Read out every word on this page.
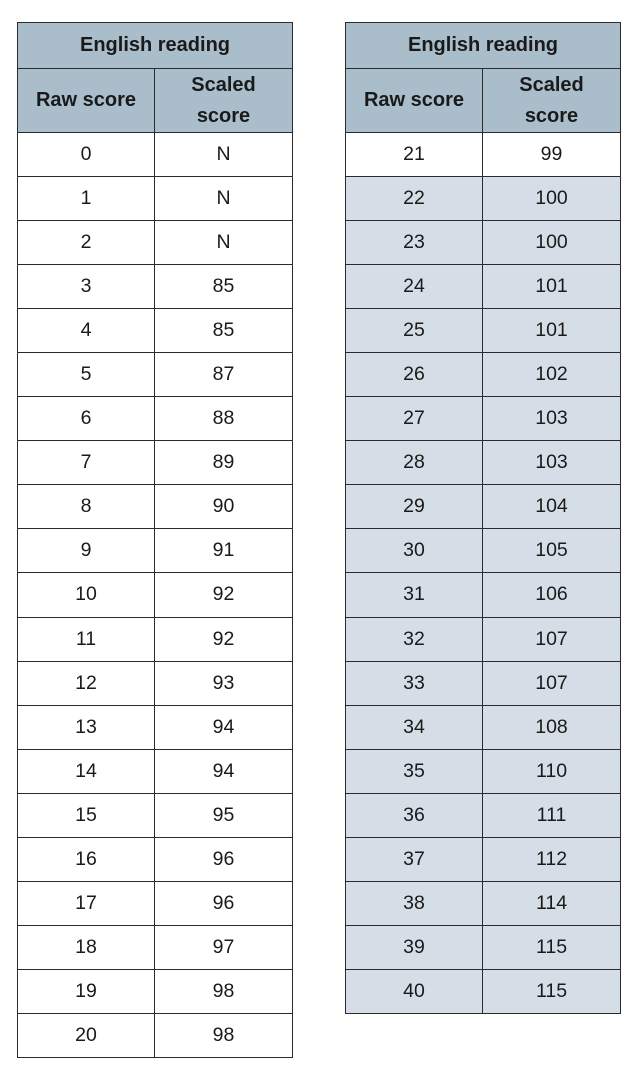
English reading	
Raw score	Scaled score
0	N
1	N
2	N
3	85
4	85
5	87
6	88
7	89
8	90
9	91
10	92
11	92
12	93
13	94
14	94
15	95
16	96
17	96
18	97
19	98
20	98
English reading	
Raw score	Scaled score
21	99
22	100
23	100
24	101
25	101
26	102
27	103
28	103
29	104
30	105
31	106
32	107
33	107
34	108
35	110
36	111
37	112
38	114
39	115
40	115
